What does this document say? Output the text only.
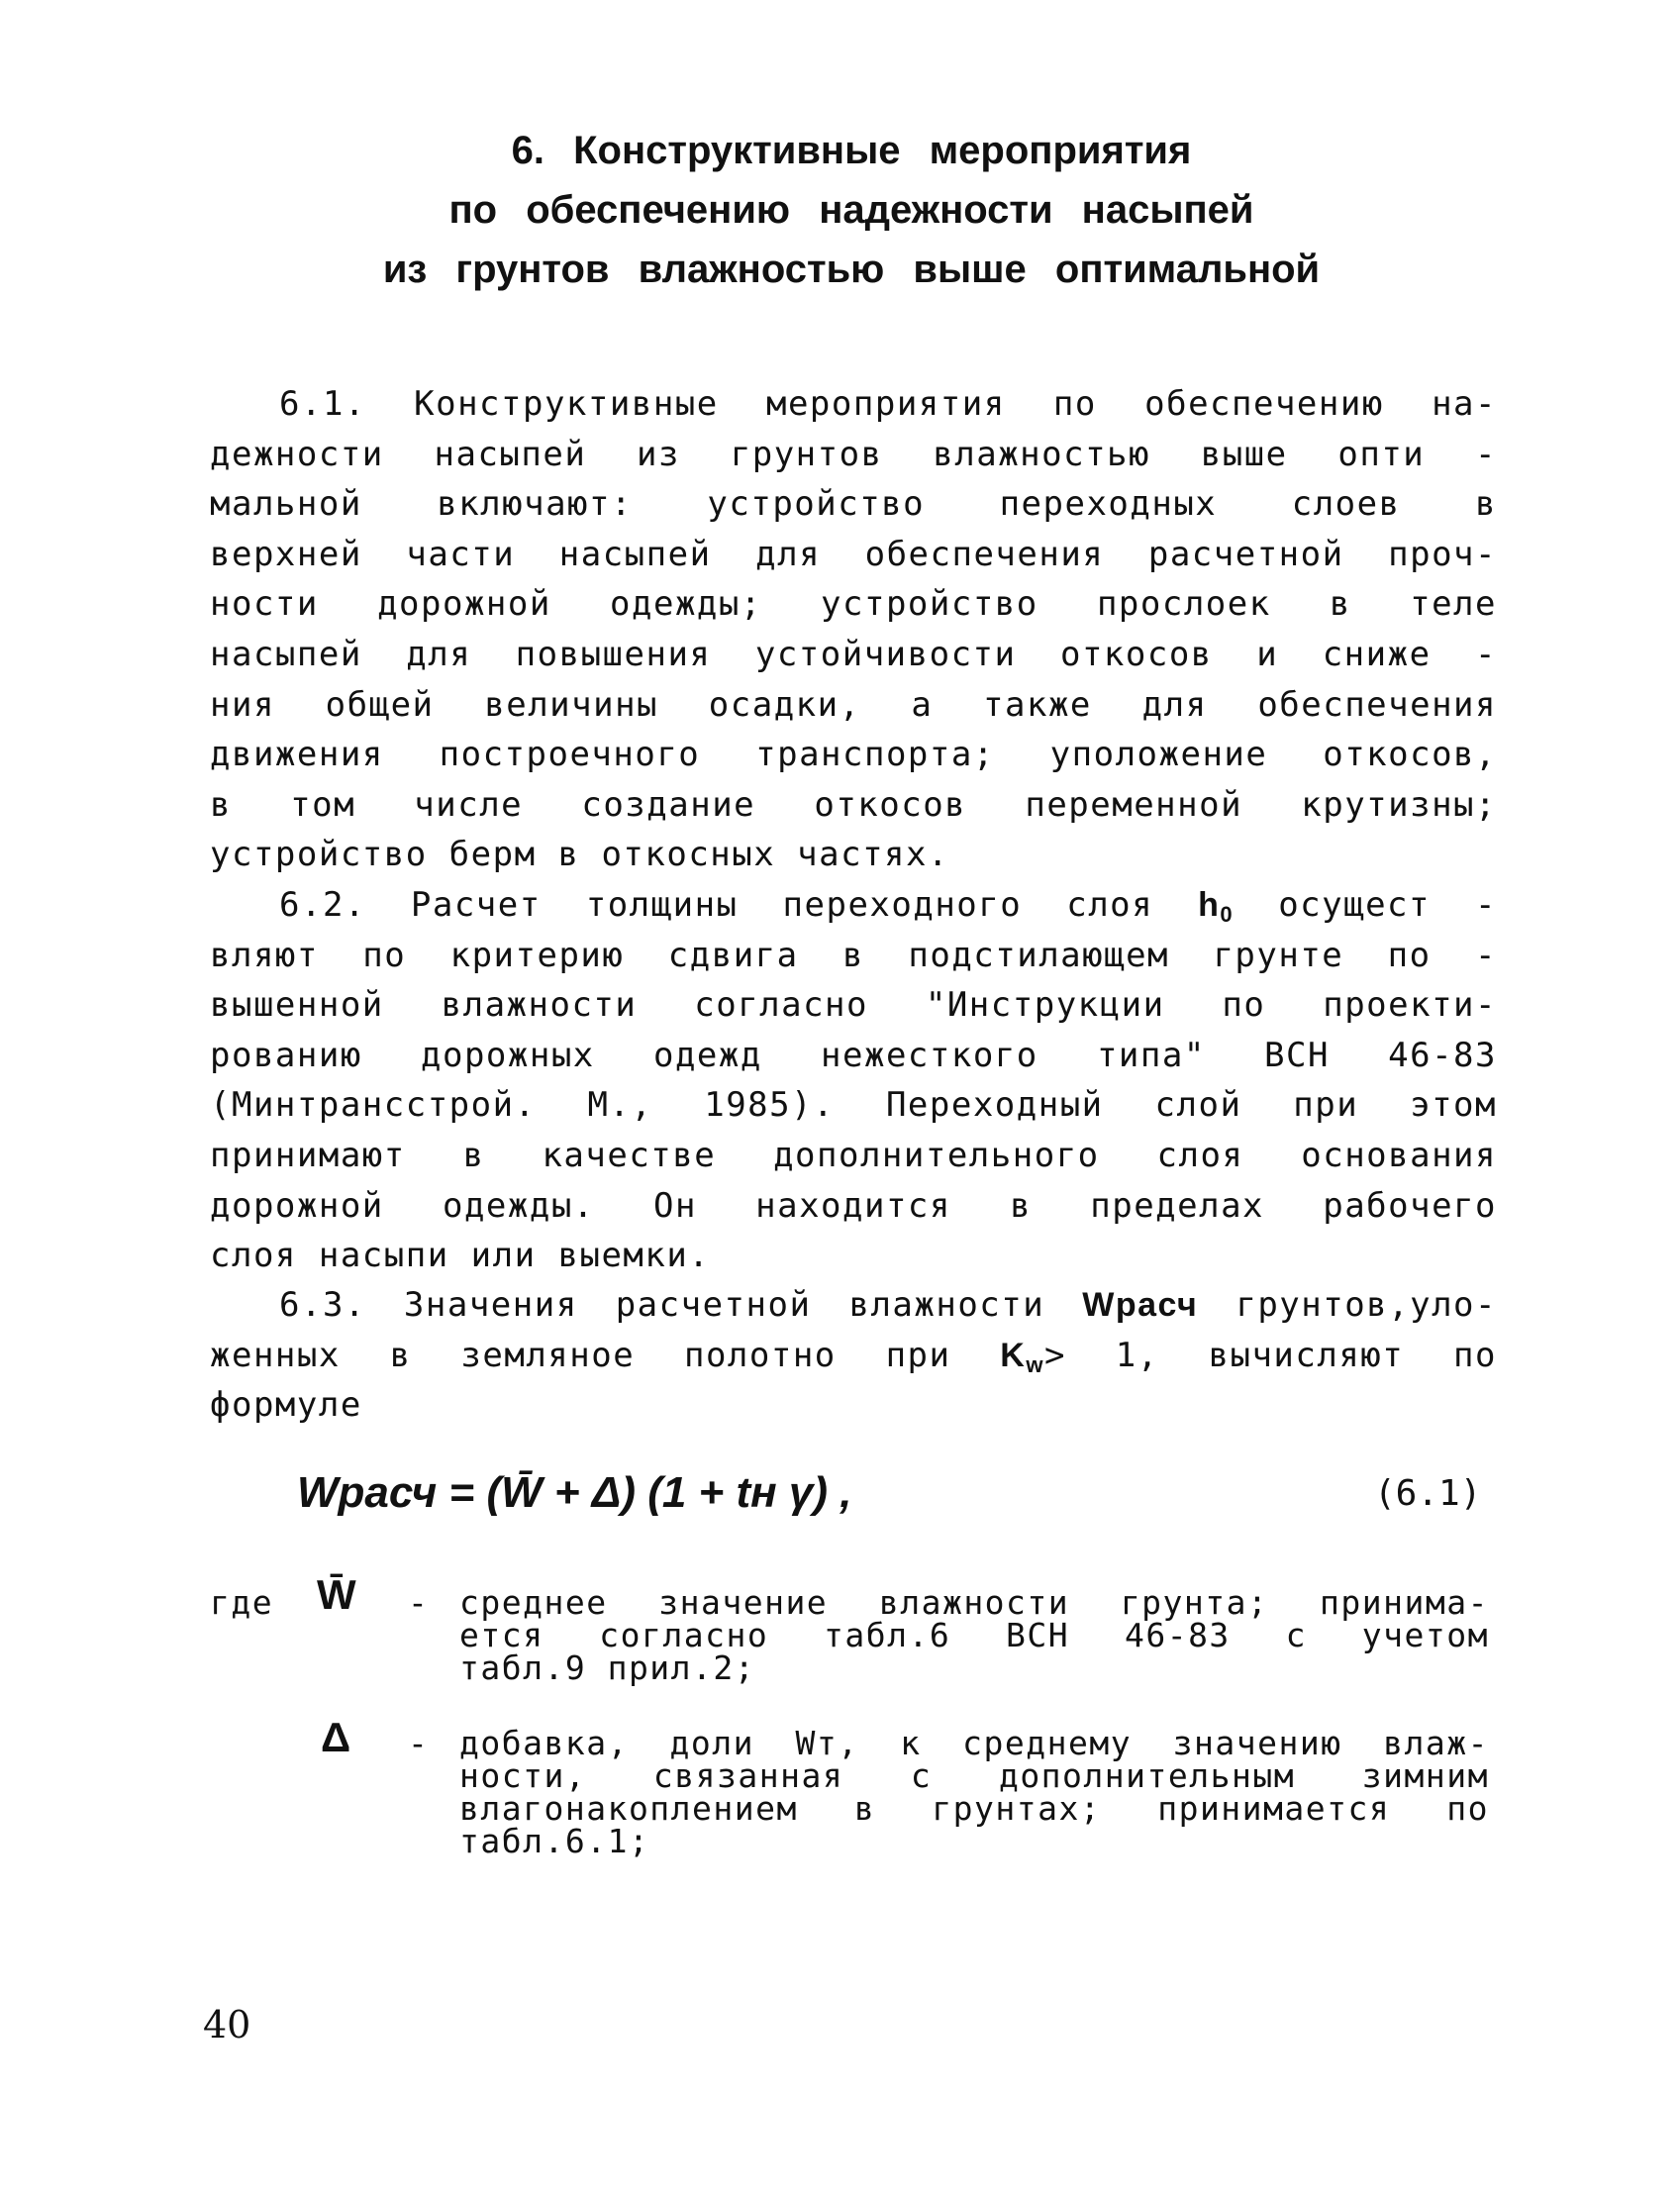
6. Конструктивные мероприятия
по обеспечению надежности насыпей
из грунтов влажностью выше оптимальной
6.1. Конструктивные мероприятия по обеспечению на-
дежности насыпей из грунтов влажностью выше опти -
мальной включают: устройство переходных слоев в
верхней части насыпей для обеспечения расчетной проч-
ности дорожной одежды; устройство прослоек в теле
насыпей для повышения устойчивости откосов и сниже -
ния общей величины осадки, а также для обеспечения
движения построечного транспорта; уположение откосов,
в том числе создание откосов переменной крутизны;
устройство берм в откосных частях.
6.2. Расчет толщины переходного слоя $h_0$ осущест -
вляют по критерию сдвига в подстилающем грунте по -
вышенной влажности согласно "Инструкции по проекти-
рованию дорожных одежд нежесткого типа" ВСН 46-83
(Минтрансстрой. М., 1985). Переходный слой при этом
принимают в качестве дополнительного слоя основания
дорожной одежды. Он находится в пределах рабочего
слоя насыпи или выемки.
6.3. Значения расчетной влажности Wрасч грунтов,уло-
женных в земляное полотно при $K_w> 1$, вычисляют по
формуле
Wрасч = (W̄ + Δ) (1 + tн γ) ,	(6.1)
где W̄ - среднее значение влажности грунта; принима-
ется согласно табл.6 ВСН 46-83 с учетом
табл.9 прил.2;
Δ - добавка, доли Wт, к среднему значению влаж-
ности, связанная с дополнительным зимним
влагонакоплением в грунтах; принимается по
табл.6.1;
40
